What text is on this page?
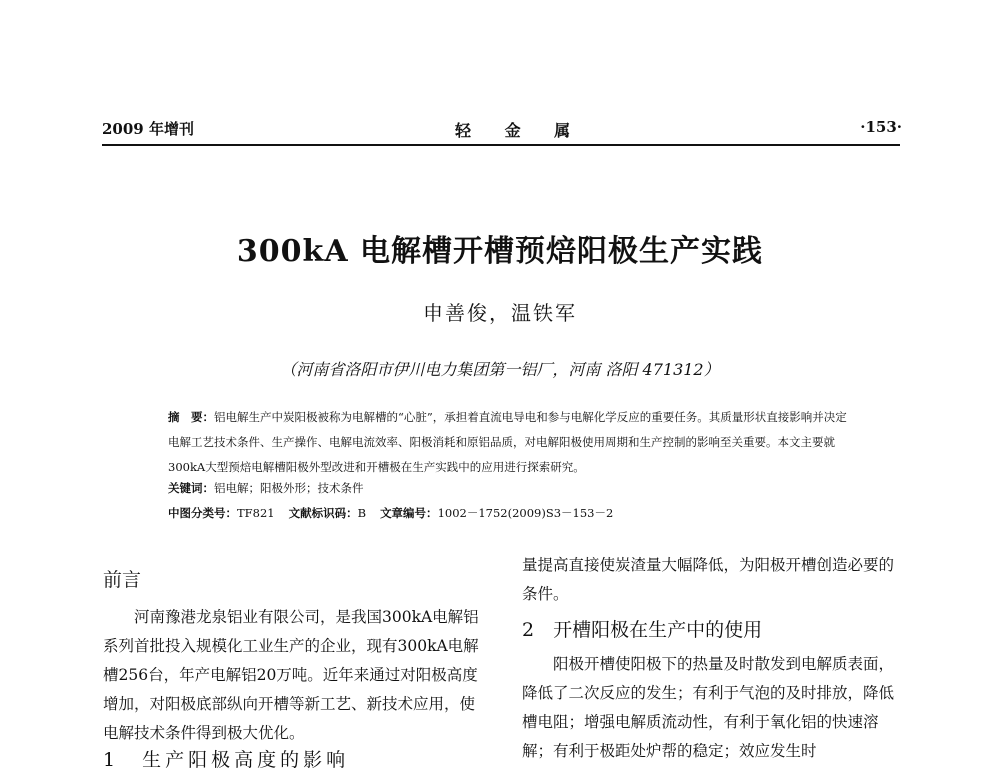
2009 年增刊	轻 金 属	·153·
300kA 电解槽开槽预焙阳极生产实践
申善俊，温铁军
（河南省洛阳市伊川电力集团第一铝厂，河南 洛阳 471312）
摘　要：铝电解生产中炭阳极被称为电解槽的“心脏”，承担着直流电导电和参与电解化学反应的重要任务。其质量形状直接影响并决定电解工艺技术条件、生产操作、电解电流效率、阳极消耗和原铝品质，对电解阳极使用周期和生产控制的影响至关重要。本文主要就300kA大型预焙电解槽阳极外型改进和开槽极在生产实践中的应用进行探索研究。
关键词：铝电解；阳极外形；技术条件
中图分类号：TF821 文献标识码：B 文章编号：1002－1752(2009)S3－153－2
前言

河南豫港龙泉铝业有限公司，是我国300kA电解铝系列首批投入规模化工业生产的企业，现有300kA电解槽256台，年产电解铝20万吨。近年来通过对阳极高度增加，对阳极底部纵向开槽等新工艺、新技术应用，使电解技术条件得到极大优化。

量提高直接使炭渣量大幅降低，为阳极开槽创造必要的条件。
2　开槽阳极在生产中的使用

阳极开槽使阳极下的热量及时散发到电解质表面，降低了二次反应的发生；有利于气泡的及时排放，降低槽电阻；增强电解质流动性，有利于氧化铝的快速溶解；有利于极距处炉帮的稳定；效应发生时

1　生产阳极高度的影响
